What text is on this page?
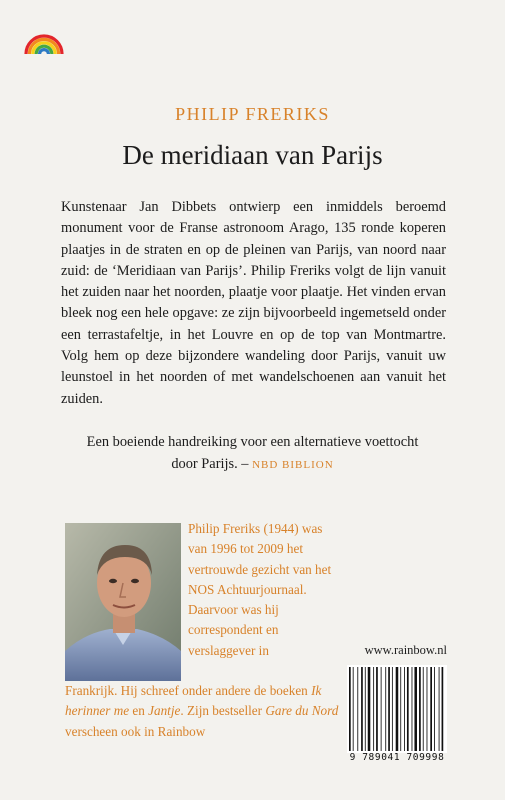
PHILIP FRERIKS
De meridiaan van Parijs

Kunstenaar Jan Dibbets ontwierp een inmiddels beroemd monument voor de Franse astronoom Arago, 135 ronde koperen plaatjes in de straten en op de pleinen van Parijs, van noord naar zuid: de ‘Meridiaan van Parijs’. Philip Freriks volgt de lijn vanuit het zuiden naar het noorden, plaatje voor plaatje. Het vinden ervan bleek nog een hele opgave: ze zijn bijvoorbeeld ingemetseld onder een terrastafeltje, in het Louvre en op de top van Montmartre. Volg hem op deze bijzondere wandeling door Parijs, vanuit uw leunstoel in het noorden of met wandelschoenen aan vanuit het zuiden.

Een boeiende handreiking voor een alternatieve voettocht door Parijs. – NBD BIBLION

Philip Freriks (1944) was van 1996 tot 2009 het vertrouwde gezicht van het NOS Achtuurjournaal. Daarvoor was hij correspondent en verslaggever in

Frankrijk. Hij schreef onder andere de boeken Ik herinner me en Jantje. Zijn bestseller Gare du Nord verscheen ook in Rainbow

www.rainbow.nl
9 789041 709998
